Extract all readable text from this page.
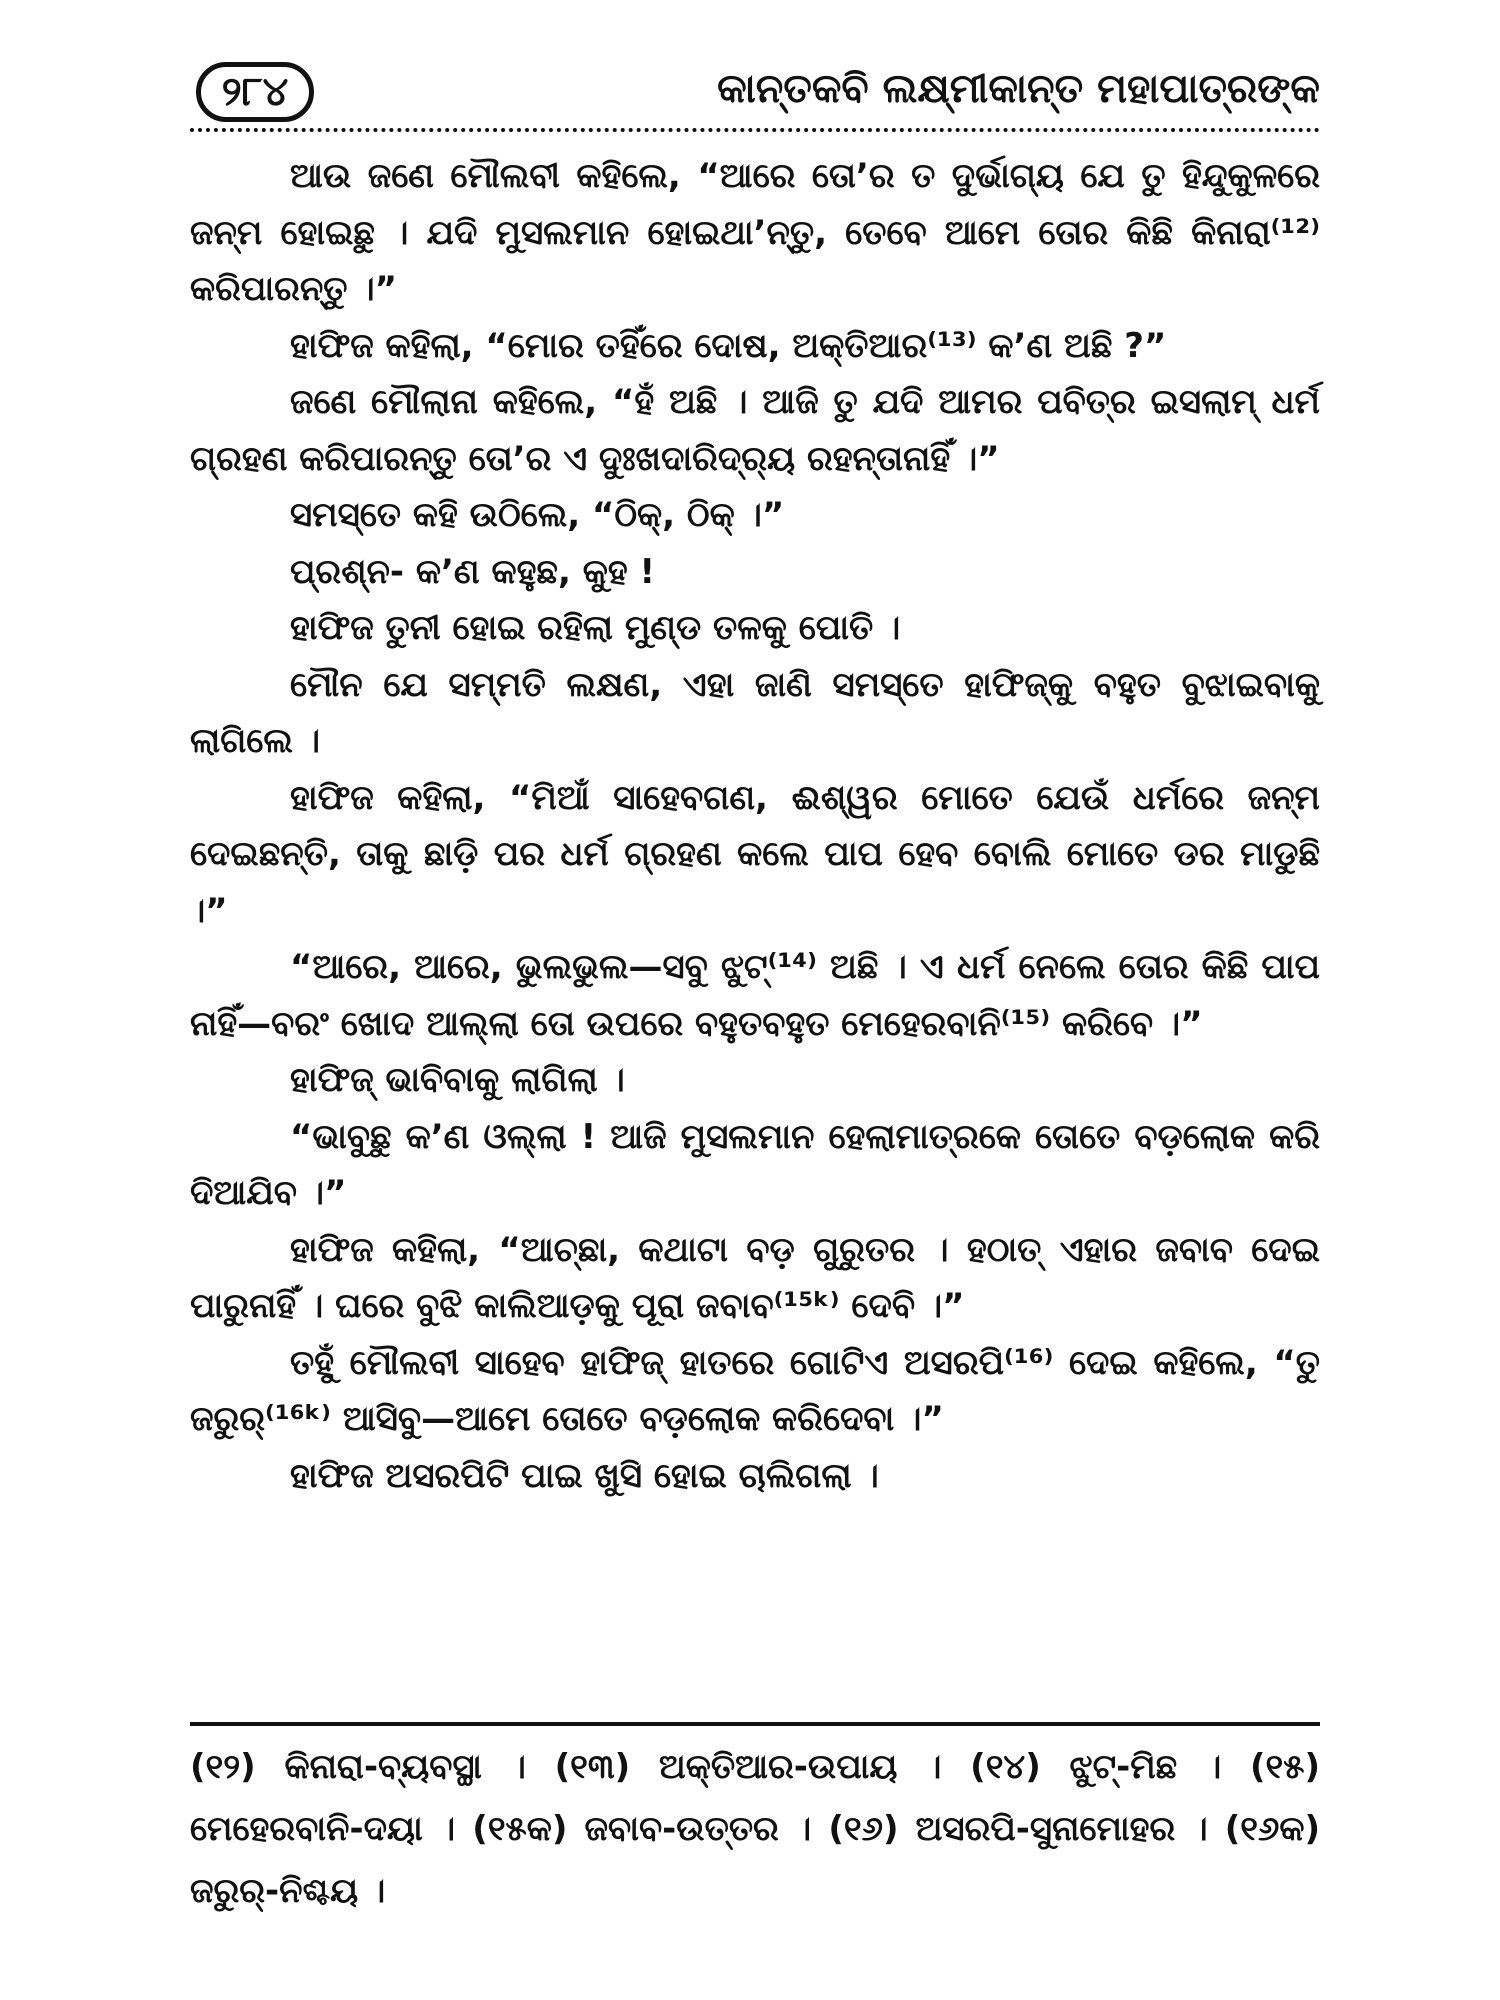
୨୮୪	କାନ୍ତକବି ଲକ୍ଷ୍ମୀକାନ୍ତ ମହାପାତ୍ରଙ୍କ

ଆଉ ଜଣେ ମୌଲବୀ କହିଲେ, “ଆରେ ତୋ’ର ତ ଦୁର୍ଭାଗ୍ୟ ଯେ ତୁ ହିନ୍ଦୁକୁଳରେ ଜନ୍ମ ହୋଇଛୁ । ଯଦି ମୁସଲମାନ ହୋଇଥା’ନ୍ତୁ, ତେବେ ଆମେ ତୋର କିଛି କିନାରା⁽¹²⁾ କରିପାରନ୍ତୁ ।”

ହାଫିଜ କହିଲା, “ମୋର ତହିଁରେ ଦୋଷ, ଅକ୍ତିଆର⁽¹³⁾ କ’ଣ ଅଛି ?”

ଜଣେ ମୌଲାନା କହିଲେ, “ହଁ ଅଛି । ଆଜି ତୁ ଯଦି ଆମର ପବିତ୍ର ଇସଲାମ୍ ଧର୍ମ ଗ୍ରହଣ କରିପାରନ୍ତୁ ତୋ’ର ଏ ଦୁଃଖଦାରିଦ୍ର୍ୟ ରହନ୍ତାନାହିଁ ।”

ସମସ୍ତେ କହି ଉଠିଲେ, “ଠିକ୍, ଠିକ୍ ।”

ପ୍ରଶ୍ନ- କ’ଣ କହୁଛ, କୁହ !

ହାଫିଜ ତୁନୀ ହୋଇ ରହିଲା ମୁଣ୍ଡ ତଳକୁ ପୋତି ।

ମୌନ ଯେ ସମ୍ମତି ଲକ୍ଷଣ, ଏହା ଜାଣି ସମସ୍ତେ ହାଫିଜ୍‌କୁ ବହୁତ ବୁଝାଇବାକୁ ଲାଗିଲେ ।

ହାଫିଜ କହିଲା, “ମିଆଁ ସାହେବଗଣ, ଈଶ୍ୱର ମୋତେ ଯେଉଁ ଧର୍ମରେ ଜନ୍ମ ଦେଇଛନ୍ତି, ତାକୁ ଛାଡ଼ି ପର ଧର୍ମ ଗ୍ରହଣ କଲେ ପାପ ହେବ ବୋଲି ମୋତେ ଡର ମାଡୁଛି ।”

“ଆରେ, ଆରେ, ଭୁଲଭୁଲ—ସବୁ ଝୁଟ୍⁽¹⁴⁾ ଅଛି । ଏ ଧର୍ମ ନେଲେ ତୋର କିଛି ପାପ ନାହିଁ—ବରଂ ଖୋଦ ଆଲ୍ଲା ତୋ ଉପରେ ବହୁତବହୁତ ମେହେରବାନି⁽¹⁵⁾ କରିବେ ।”

ହାଫିଜ୍ ଭାବିବାକୁ ଲାଗିଲା ।

“ଭାବୁଛୁ କ’ଣ ଓଲ୍ଲା ! ଆଜି ମୁସଲମାନ ହେଲାମାତ୍ରକେ ତୋତେ ବଡ଼ଲୋକ କରି ଦିଆଯିବ ।”

ହାଫିଜ କହିଲା, “ଆଚ୍ଛା, କଥାଟା ବଡ଼ ଗୁରୁତର । ହଠାତ୍ ଏହାର ଜବାବ ଦେଇ ପାରୁନାହିଁ । ଘରେ ବୁଝି କାଲିଆଡ଼କୁ ପୂରା ଜବାବ⁽¹⁵ᵏ⁾ ଦେବି ।”

ତହୁଁ ମୌଲବୀ ସାହେବ ହାଫିଜ୍ ହାତରେ ଗୋଟିଏ ଅସରପି⁽¹⁶⁾ ଦେଇ କହିଲେ, “ତୁ ଜରୁର୍⁽¹⁶ᵏ⁾ ଆସିବୁ—ଆମେ ତୋତେ ବଡ଼ଲୋକ କରିଦେବା ।”

ହାଫିଜ ଅସରପିଟି ପାଇ ଖୁସି ହୋଇ ଚାଲିଗଲା ।

(୧୨) କିନାରା-ବ୍ୟବସ୍ଥା । (୧୩) ଅକ୍ତିଆର-ଉପାୟ । (୧୪) ଝୁଟ୍-ମିଛ । (୧୫) ମେହେରବାନି-ଦୟା । (୧୫କ) ଜବାବ-ଉତ୍ତର । (୧୬) ଅସରପି-ସୁନାମୋହର । (୧୬କ) ଜରୁର୍-ନିଶ୍ଚୟ ।
